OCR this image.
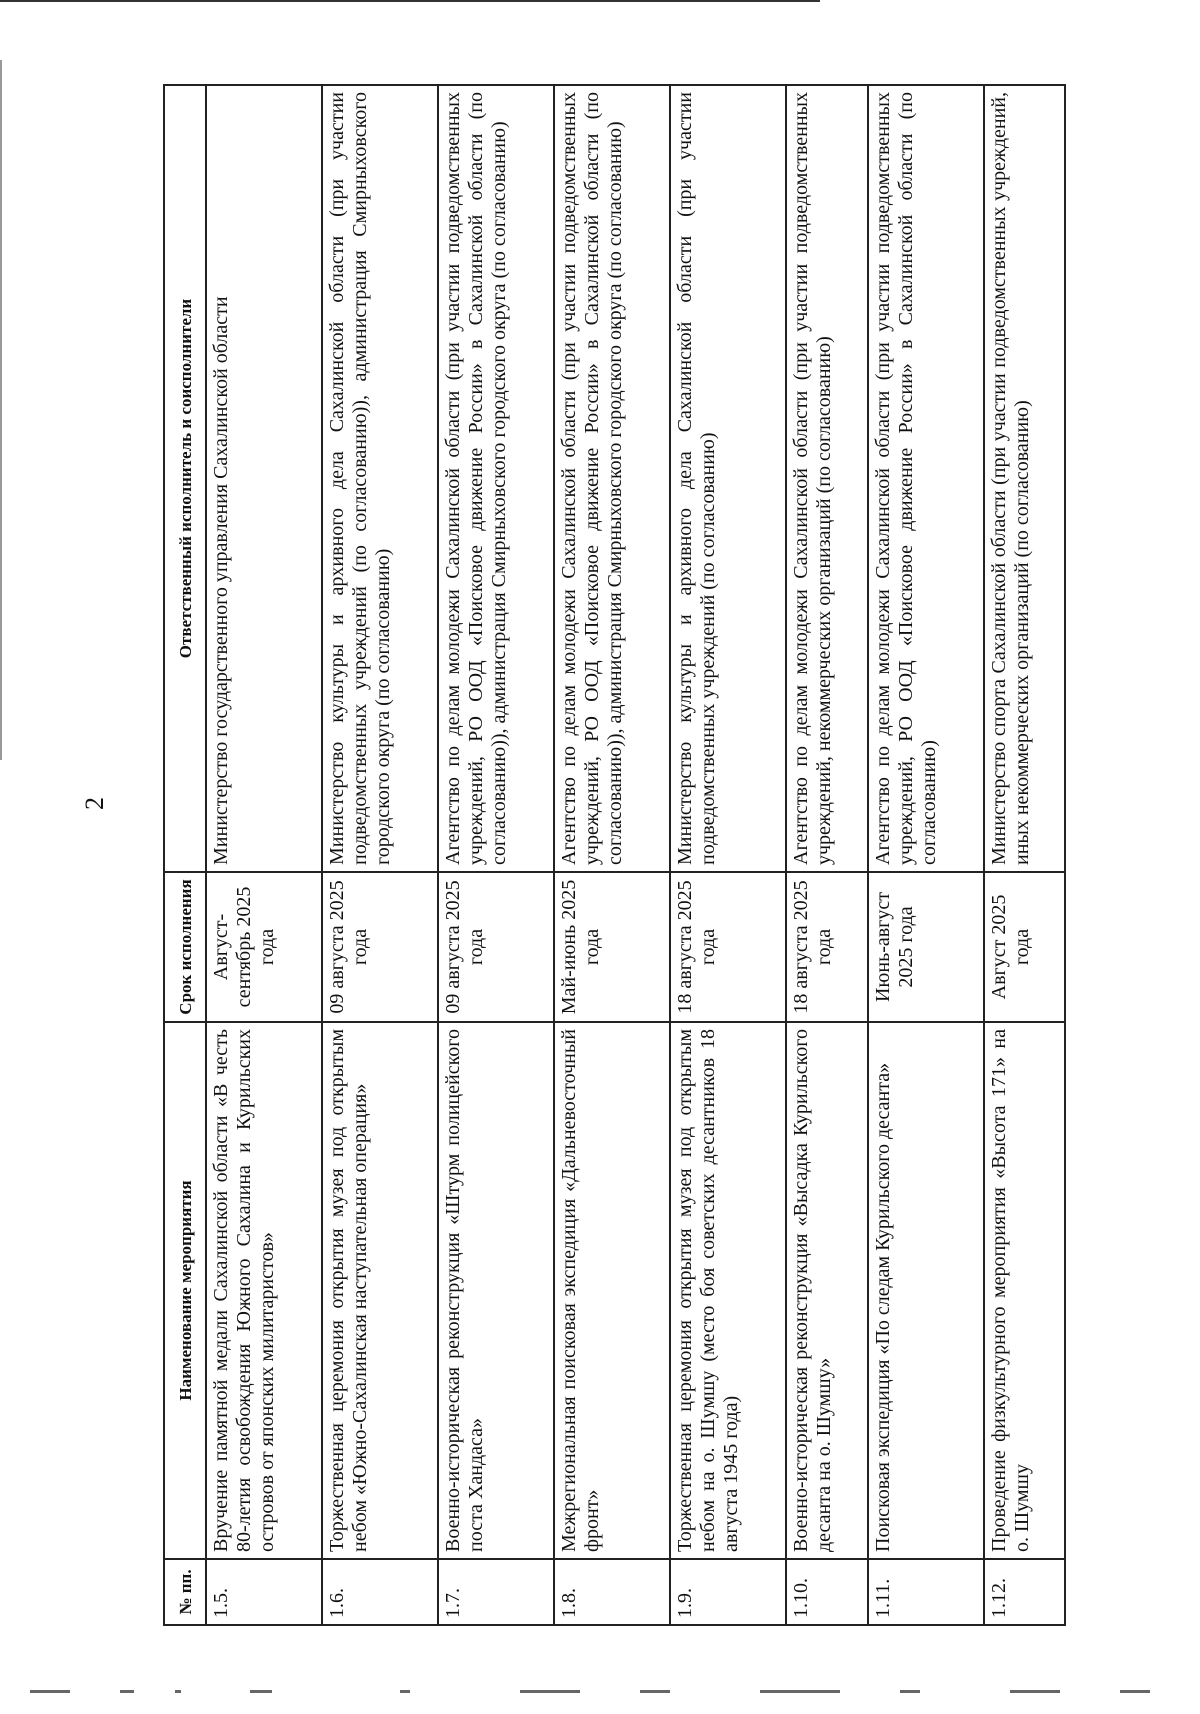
2
№ пп.	Наименование мероприятия	Срок исполнения	Ответственный исполнитель и соисполнители
1.5.	Вручение памятной медали Сахалинской области «В честь 80-летия освобождения Южного Сахалина и Курильских островов от японских милитаристов»	Август-сентябрь 2025 года	Министерство государственного управления Сахалинской области
1.6.	Торжественная церемония открытия музея под открытым небом «Южно-Сахалинская наступательная операция»	09 августа 2025 года	Министерство культуры и архивного дела Сахалинской области (при участии подведомственных учреждений (по согласованию)), администрация Смирныховского городского округа (по согласованию)
1.7.	Военно-историческая реконструкция «Штурм полицейского поста Хандаса»	09 августа 2025 года	Агентство по делам молодежи Сахалинской области (при участии подведомственных учреждений, РО ООД «Поисковое движение России» в Сахалинской области (по согласованию)), администрация Смирныховского городского округа (по согласованию)
1.8.	Межрегиональная поисковая экспедиция «Дальневосточный фронт»	Май-июнь 2025 года	Агентство по делам молодежи Сахалинской области (при участии подведомственных учреждений, РО ООД «Поисковое движение России» в Сахалинской области (по согласованию)), администрация Смирныховского городского округа (по согласованию)
1.9.	Торжественная церемония открытия музея под открытым небом на о. Шумшу (место боя советских десантников 18 августа 1945 года)	18 августа 2025 года	Министерство культуры и архивного дела Сахалинской области (при участии подведомственных учреждений (по согласованию)
1.10.	Военно-историческая реконструкция «Высадка Курильского десанта на о. Шумшу»	18 августа 2025 года	Агентство по делам молодежи Сахалинской области (при участии подведомственных учреждений, некоммерческих организаций (по согласованию)
1.11.	Поисковая экспедиция «По следам Курильского десанта»	Июнь-август 2025 года	Агентство по делам молодежи Сахалинской области (при участии подведомственных учреждений, РО ООД «Поисковое движение России» в Сахалинской области (по согласованию)
1.12.	Проведение физкультурного мероприятия «Высота 171» на о. Шумшу	Август 2025 года	Министерство спорта Сахалинской области (при участии подведомственных учреждений, иных некоммерческих организаций (по согласованию)
